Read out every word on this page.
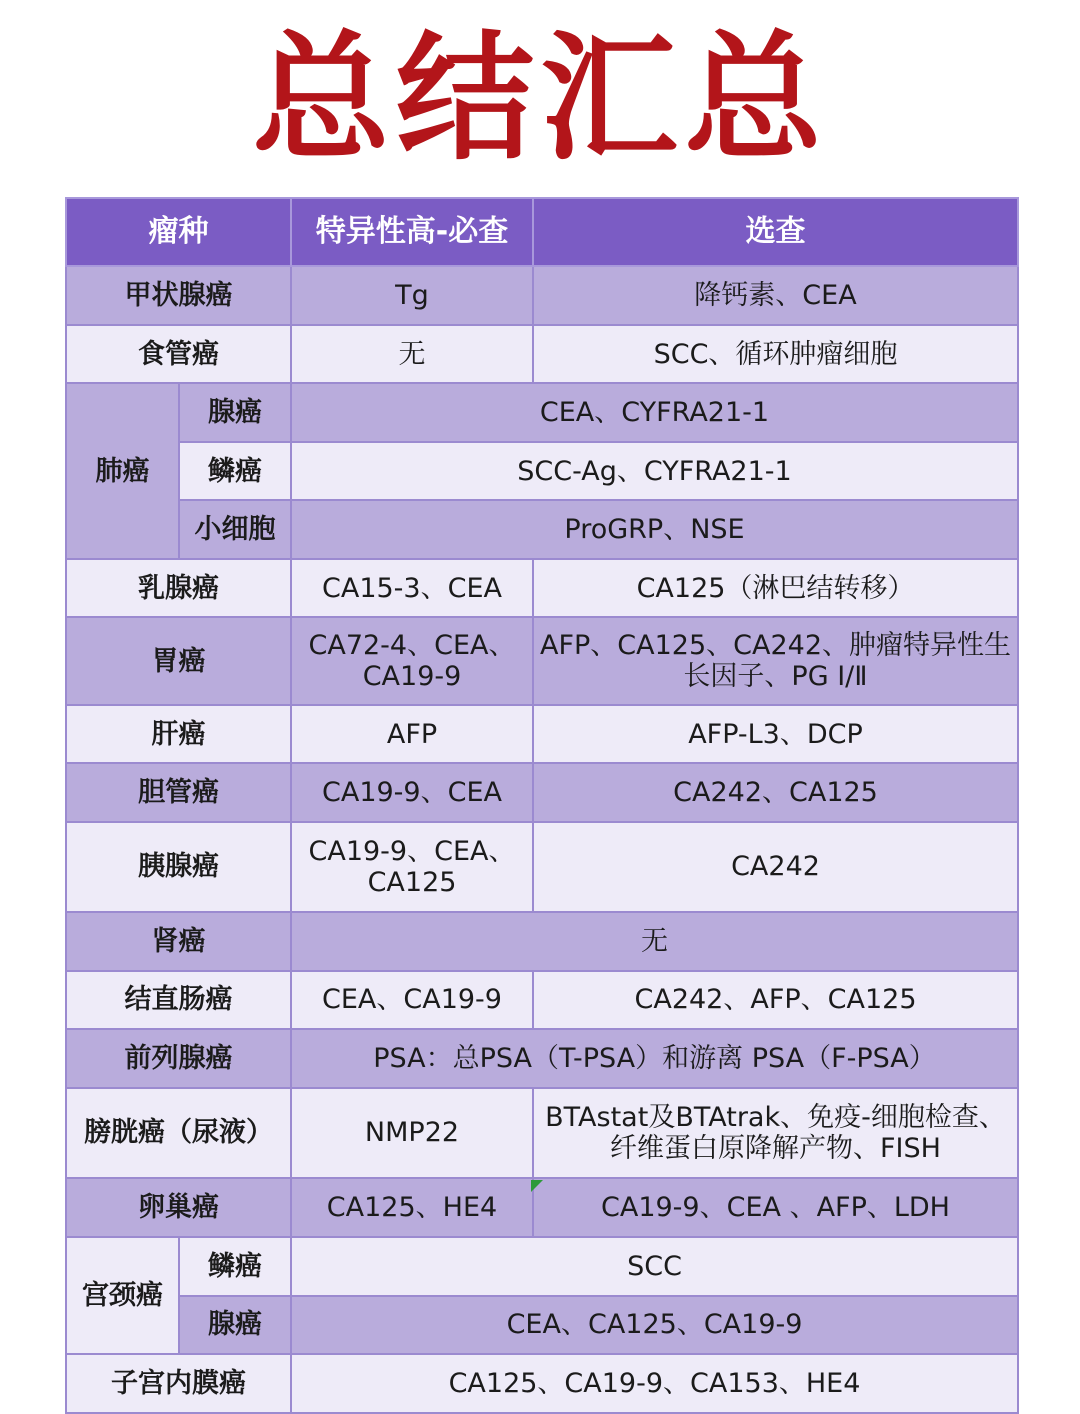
总结汇总
瘤种		特异性高-必查	选查
甲状腺癌		Tg	降钙素、CEA
食管癌		无	SCC、循环肿瘤细胞
肺癌	腺癌	CEA、CYFRA21-1	
	鳞癌	SCC-Ag、CYFRA21-1	
	小细胞	ProGRP、NSE	
乳腺癌		CA15-3、CEA	CA125（淋巴结转移）
胃癌		CA72-4、CEA、CA19-9	AFP、CA125、CA242、肿瘤特异性生长因子、PG Ⅰ/Ⅱ
肝癌		AFP	AFP-L3、DCP
胆管癌		CA19-9、CEA	CA242、CA125
胰腺癌		CA19-9、CEA、CA125	CA242
肾癌		无	
结直肠癌		CEA、CA19-9	CA242、AFP、CA125
前列腺癌		PSA：总PSA（T-PSA）和游离 PSA（F-PSA）	
膀胱癌（尿液）		NMP22	BTAstat及BTAtrak、免疫-细胞检查、纤维蛋白原降解产物、FISH
卵巢癌		CA125、HE4	CA19-9、CEA 、AFP、LDH
宫颈癌	鳞癌	SCC	
	腺癌	CEA、CA125、CA19-9	
子宫内膜癌		CA125、CA19-9、CA153、HE4	
